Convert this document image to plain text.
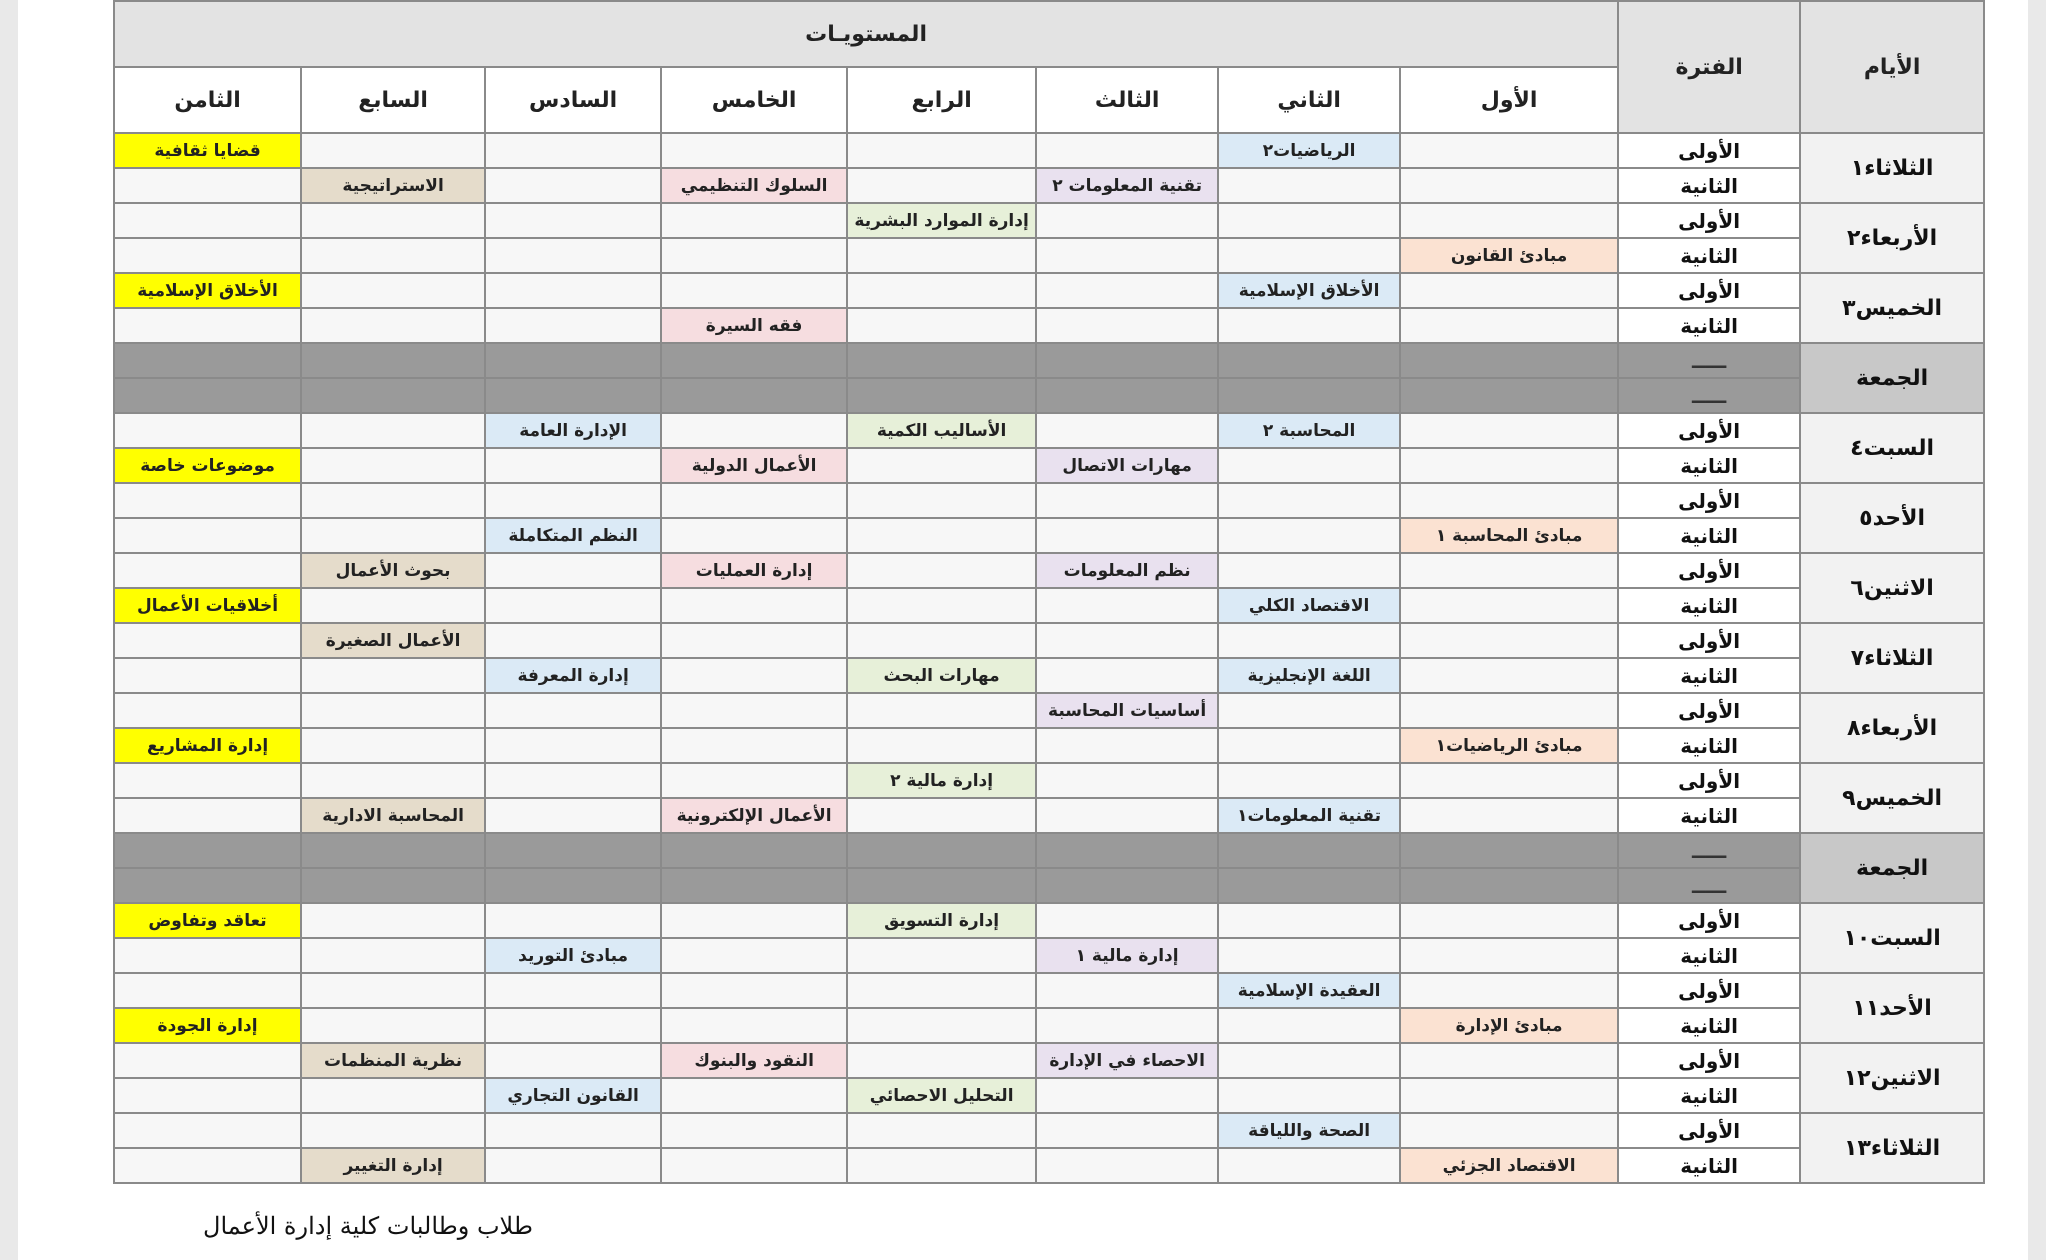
الأيام	الفترة	المستويـات							
		الأول	الثاني	الثالث	الرابع	الخامس	السادس	السابع	الثامن
الثلاثاء١	الأولى		الرياضيات٢						قضايا ثقافية
	الثانية			تقنية المعلومات ٢		السلوك التنظيمي		الاستراتيجية	
الأربعاء٢	الأولى				إدارة الموارد البشرية				
	الثانية	مبادئ القانون							
الخميس٣	الأولى		الأخلاق الإسلامية						الأخلاق الإسلامية
	الثانية					فقه السيرة			
الجمعة	ـــــ								
	ـــــ								
السبت٤	الأولى		المحاسبة ٢		الأساليب الكمية		الإدارة العامة		
	الثانية			مهارات الاتصال		الأعمال الدولية			موضوعات خاصة
الأحد٥	الأولى								
	الثانية	مبادئ المحاسبة ١					النظم المتكاملة		
الاثنين٦	الأولى			نظم المعلومات		إدارة العمليات		بحوث الأعمال	
	الثانية		الاقتصاد الكلي						أخلاقيات الأعمال
الثلاثاء٧	الأولى							الأعمال الصغيرة	
	الثانية		اللغة الإنجليزية		مهارات البحث		إدارة المعرفة		
الأربعاء٨	الأولى			أساسيات المحاسبة					
	الثانية	مبادئ الرياضيات١							إدارة المشاريع
الخميس٩	الأولى				إدارة مالية ٢				
	الثانية		تقنية المعلومات١			الأعمال الإلكترونية		المحاسبة الادارية	
الجمعة	ـــــ								
	ـــــ								
السبت١٠	الأولى				إدارة التسويق				تعاقد وتفاوض
	الثانية			إدارة مالية ١			مبادئ التوريد		
الأحد١١	الأولى		العقيدة الإسلامية						
	الثانية	مبادئ الإدارة							إدارة الجودة
الاثنين١٢	الأولى			الاحصاء في الإدارة		النقود والبنوك		نظرية المنظمات	
	الثانية				التحليل الاحصائي		القانون التجاري		
الثلاثاء١٣	الأولى		الصحة واللياقة						
	الثانية	الاقتصاد الجزئي						إدارة التغيير	
طلاب وطالبات كلية إدارة الأعمال
